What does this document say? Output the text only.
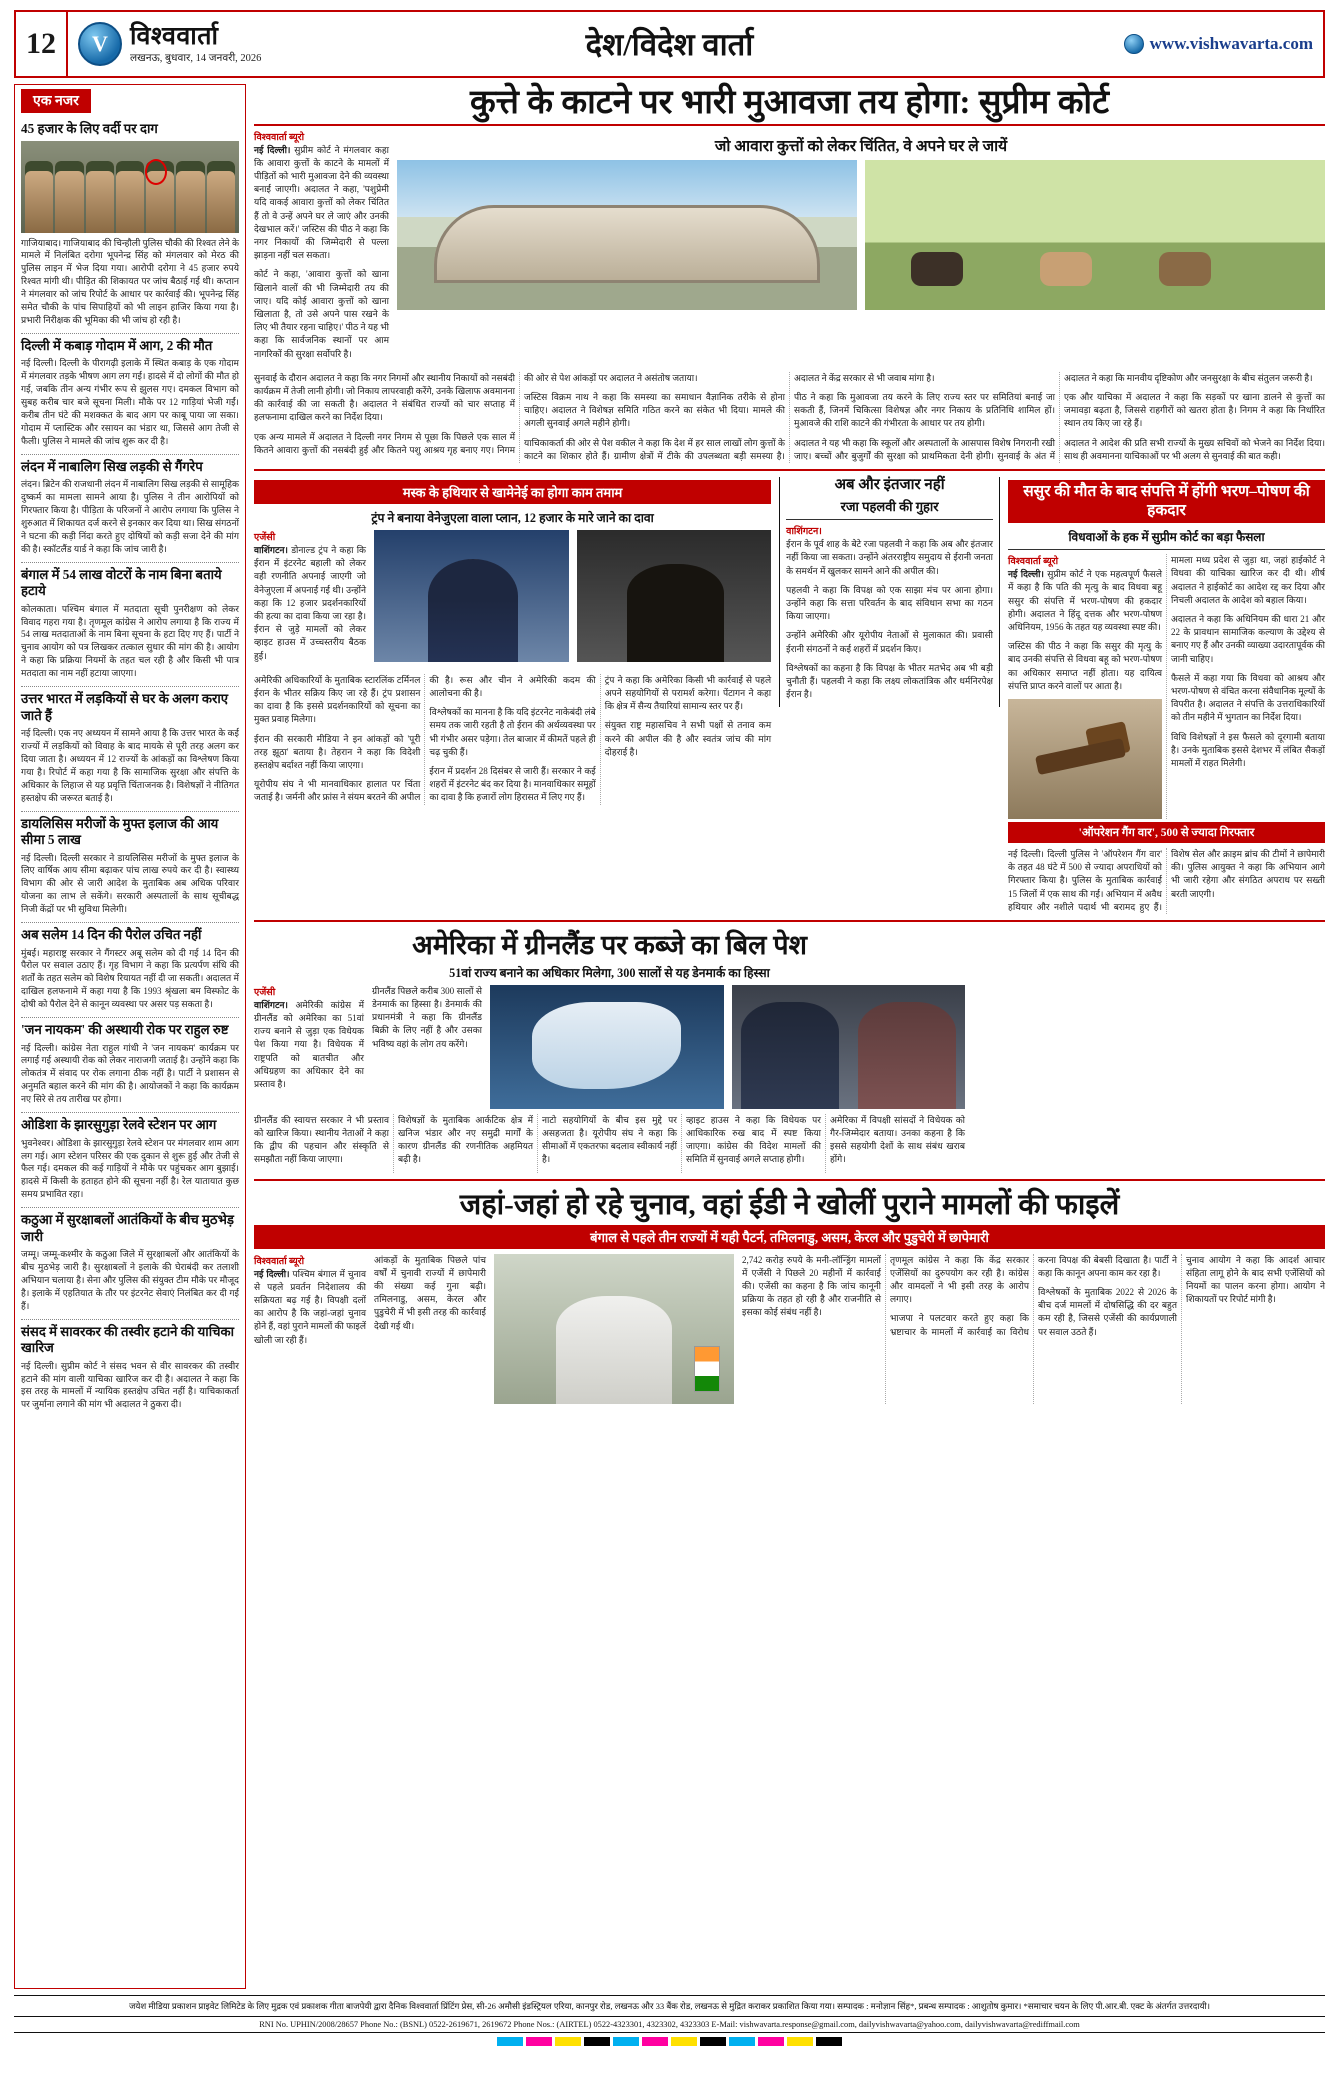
12	V विश्ववार्ता
लखनऊ, बुधवार, 14 जनवरी, 2026	देश/विदेश वार्ता	www.vishwavarta.com
एक नजर
45 हजार के लिए वर्दी पर दाग

गाजियाबाद। गाजियाबाद की चिन्हौली पुलिस चौकी की रिश्वत लेने के मामले में निलंबित दरोगा भूपनेन्द्र सिंह को मंगलवार को मेरठ की पुलिस लाइन में भेज दिया गया। आरोपी दरोगा ने 45 हजार रुपये रिश्वत मांगी थी। पीड़ित की शिकायत पर जांच बैठाई गई थी। कप्तान ने मंगलवार को जांच रिपोर्ट के आधार पर कार्रवाई की। भूपनेन्द्र सिंह समेत चौकी के पांच सिपाहियों को भी लाइन हाजिर किया गया है। प्रभारी निरीक्षक की भूमिका की भी जांच हो रही है।

दिल्ली में कबाड़ गोदाम में आग, 2 की मौत

नई दिल्ली। दिल्ली के पीरागढ़ी इलाके में स्थित कबाड़ के एक गोदाम में मंगलवार तड़के भीषण आग लग गई। हादसे में दो लोगों की मौत हो गई, जबकि तीन अन्य गंभीर रूप से झुलस गए। दमकल विभाग को सुबह करीब चार बजे सूचना मिली। मौके पर 12 गाड़ियां भेजी गईं। करीब तीन घंटे की मशक्कत के बाद आग पर काबू पाया जा सका। गोदाम में प्लास्टिक और रसायन का भंडार था, जिससे आग तेजी से फैली। पुलिस ने मामले की जांच शुरू कर दी है।

लंदन में नाबालिग सिख लड़की से गैंगरेप

लंदन। ब्रिटेन की राजधानी लंदन में नाबालिग सिख लड़की से सामूहिक दुष्कर्म का मामला सामने आया है। पुलिस ने तीन आरोपियों को गिरफ्तार किया है। पीड़िता के परिजनों ने आरोप लगाया कि पुलिस ने शुरुआत में शिकायत दर्ज करने से इनकार कर दिया था। सिख संगठनों ने घटना की कड़ी निंदा करते हुए दोषियों को कड़ी सजा देने की मांग की है। स्कॉटलैंड यार्ड ने कहा कि जांच जारी है।

बंगाल में 54 लाख वोटरों के नाम बिना बताये हटाये

कोलकाता। पश्चिम बंगाल में मतदाता सूची पुनरीक्षण को लेकर विवाद गहरा गया है। तृणमूल कांग्रेस ने आरोप लगाया है कि राज्य में 54 लाख मतदाताओं के नाम बिना सूचना के हटा दिए गए हैं। पार्टी ने चुनाव आयोग को पत्र लिखकर तत्काल सुधार की मांग की है। आयोग ने कहा कि प्रक्रिया नियमों के तहत चल रही है और किसी भी पात्र मतदाता का नाम नहीं हटाया जाएगा।

उत्तर भारत में लड़कियों से घर के अलग कराए जाते हैं

नई दिल्ली। एक नए अध्ययन में सामने आया है कि उत्तर भारत के कई राज्यों में लड़कियों को विवाह के बाद मायके से पूरी तरह अलग कर दिया जाता है। अध्ययन में 12 राज्यों के आंकड़ों का विश्लेषण किया गया है। रिपोर्ट में कहा गया है कि सामाजिक सुरक्षा और संपत्ति के अधिकार के लिहाज से यह प्रवृत्ति चिंताजनक है। विशेषज्ञों ने नीतिगत हस्तक्षेप की जरूरत बताई है।

डायलिसिस मरीजों के मुफ्त इलाज की आय सीमा 5 लाख

नई दिल्ली। दिल्ली सरकार ने डायलिसिस मरीजों के मुफ्त इलाज के लिए वार्षिक आय सीमा बढ़ाकर पांच लाख रुपये कर दी है। स्वास्थ्य विभाग की ओर से जारी आदेश के मुताबिक अब अधिक परिवार योजना का लाभ ले सकेंगे। सरकारी अस्पतालों के साथ सूचीबद्ध निजी केंद्रों पर भी सुविधा मिलेगी।

अब सलेम 14 दिन की पैरोल उचित नहीं

मुंबई। महाराष्ट्र सरकार ने गैंगस्टर अबू सलेम को दी गई 14 दिन की पैरोल पर सवाल उठाए हैं। गृह विभाग ने कहा कि प्रत्यर्पण संधि की शर्तों के तहत सलेम को विशेष रियायत नहीं दी जा सकती। अदालत में दाखिल हलफनामे में कहा गया है कि 1993 श्रृंखला बम विस्फोट के दोषी को पैरोल देने से कानून व्यवस्था पर असर पड़ सकता है।

'जन नायकम' की अस्थायी रोक पर राहुल रुष्ट

नई दिल्ली। कांग्रेस नेता राहुल गांधी ने 'जन नायकम' कार्यक्रम पर लगाई गई अस्थायी रोक को लेकर नाराजगी जताई है। उन्होंने कहा कि लोकतंत्र में संवाद पर रोक लगाना ठीक नहीं है। पार्टी ने प्रशासन से अनुमति बहाल करने की मांग की है। आयोजकों ने कहा कि कार्यक्रम नए सिरे से तय तारीख पर होगा।

ओडिशा के झारसुगुड़ा रेलवे स्टेशन पर आग

भुवनेश्वर। ओडिशा के झारसुगुड़ा रेलवे स्टेशन पर मंगलवार शाम आग लग गई। आग स्टेशन परिसर की एक दुकान से शुरू हुई और तेजी से फैल गई। दमकल की कई गाड़ियों ने मौके पर पहुंचकर आग बुझाई। हादसे में किसी के हताहत होने की सूचना नहीं है। रेल यातायात कुछ समय प्रभावित रहा।

कठुआ में सुरक्षाबलों आतंकियों के बीच मुठभेड़ जारी

जम्मू। जम्मू-कश्मीर के कठुआ जिले में सुरक्षाबलों और आतंकियों के बीच मुठभेड़ जारी है। सुरक्षाबलों ने इलाके की घेराबंदी कर तलाशी अभियान चलाया है। सेना और पुलिस की संयुक्त टीम मौके पर मौजूद है। इलाके में एहतियात के तौर पर इंटरनेट सेवाएं निलंबित कर दी गई हैं।

संसद में सावरकर की तस्वीर हटाने की याचिका खारिज

नई दिल्ली। सुप्रीम कोर्ट ने संसद भवन से वीर सावरकर की तस्वीर हटाने की मांग वाली याचिका खारिज कर दी है। अदालत ने कहा कि इस तरह के मामलों में न्यायिक हस्तक्षेप उचित नहीं है। याचिकाकर्ता पर जुर्माना लगाने की मांग भी अदालत ने ठुकरा दी।

कुत्ते के काटने पर भारी मुआवजा तय होगा: सुप्रीम कोर्ट
विश्ववार्ता ब्यूरो

नई दिल्ली। सुप्रीम कोर्ट ने मंगलवार कहा कि आवारा कुत्तों के काटने के मामलों में पीड़ितों को भारी मुआवजा देने की व्यवस्था बनाई जाएगी। अदालत ने कहा, 'पशुप्रेमी यदि वाकई आवारा कुत्तों को लेकर चिंतित हैं तो वे उन्हें अपने घर ले जाएं और उनकी देखभाल करें।' जस्टिस की पीठ ने कहा कि नगर निकायों की जिम्मेदारी से पल्ला झाड़ना नहीं चल सकता।

कोर्ट ने कहा, 'आवारा कुत्तों को खाना खिलाने वालों की भी जिम्मेदारी तय की जाए। यदि कोई आवारा कुत्तों को खाना खिलाता है, तो उसे अपने पास रखने के लिए भी तैयार रहना चाहिए।' पीठ ने यह भी कहा कि सार्वजनिक स्थानों पर आम नागरिकों की सुरक्षा सर्वोपरि है।

जो आवारा कुत्तों को लेकर चिंतित, वे अपने घर ले जायें

सुनवाई के दौरान अदालत ने कहा कि नगर निगमों और स्थानीय निकायों को नसबंदी कार्यक्रम में तेजी लानी होगी। जो निकाय लापरवाही करेंगे, उनके खिलाफ अवमानना की कार्रवाई की जा सकती है। अदालत ने संबंधित राज्यों को चार सप्ताह में हलफनामा दाखिल करने का निर्देश दिया।

एक अन्य मामले में अदालत ने दिल्ली नगर निगम से पूछा कि पिछले एक साल में कितने आवारा कुत्तों की नसबंदी हुई और कितने पशु आश्रय गृह बनाए गए। निगम की ओर से पेश आंकड़ों पर अदालत ने असंतोष जताया।

जस्टिस विक्रम नाथ ने कहा कि समस्या का समाधान वैज्ञानिक तरीके से होना चाहिए। अदालत ने विशेषज्ञ समिति गठित करने का संकेत भी दिया। मामले की अगली सुनवाई अगले महीने होगी।

याचिकाकर्ता की ओर से पेश वकील ने कहा कि देश में हर साल लाखों लोग कुत्तों के काटने का शिकार होते हैं। ग्रामीण क्षेत्रों में टीके की उपलब्धता बड़ी समस्या है। अदालत ने केंद्र सरकार से भी जवाब मांगा है।

पीठ ने कहा कि मुआवजा तय करने के लिए राज्य स्तर पर समितियां बनाई जा सकती हैं, जिनमें चिकित्सा विशेषज्ञ और नगर निकाय के प्रतिनिधि शामिल हों। मुआवजे की राशि काटने की गंभीरता के आधार पर तय होगी।

अदालत ने यह भी कहा कि स्कूलों और अस्पतालों के आसपास विशेष निगरानी रखी जाए। बच्चों और बुजुर्गों की सुरक्षा को प्राथमिकता देनी होगी। सुनवाई के अंत में अदालत ने कहा कि मानवीय दृष्टिकोण और जनसुरक्षा के बीच संतुलन जरूरी है।

एक और याचिका में अदालत ने कहा कि सड़कों पर खाना डालने से कुत्तों का जमावड़ा बढ़ता है, जिससे राहगीरों को खतरा होता है। निगम ने कहा कि निर्धारित स्थान तय किए जा रहे हैं।

अदालत ने आदेश की प्रति सभी राज्यों के मुख्य सचिवों को भेजने का निर्देश दिया। साथ ही अवमानना याचिकाओं पर भी अलग से सुनवाई की बात कही।

मस्क के हथियार से खामेनेई का होगा काम तमाम
ट्रंप ने बनाया वेनेजुएला वाला प्लान, 12 हजार के मारे जाने का दावा
एजेंसी

वाशिंगटन। डोनाल्ड ट्रंप ने कहा कि ईरान में इंटरनेट बहाली को लेकर वही रणनीति अपनाई जाएगी जो वेनेजुएला में अपनाई गई थी। उन्होंने कहा कि 12 हजार प्रदर्शनकारियों की हत्या का दावा किया जा रहा है। ईरान से जुड़े मामलों को लेकर व्हाइट हाउस में उच्चस्तरीय बैठक हुई।

अमेरिकी अधिकारियों के मुताबिक स्टारलिंक टर्मिनल ईरान के भीतर सक्रिय किए जा रहे हैं। ट्रंप प्रशासन का दावा है कि इससे प्रदर्शनकारियों को सूचना का मुक्त प्रवाह मिलेगा।

ईरान की सरकारी मीडिया ने इन आंकड़ों को 'पूरी तरह झूठा' बताया है। तेहरान ने कहा कि विदेशी हस्तक्षेप बर्दाश्त नहीं किया जाएगा।

यूरोपीय संघ ने भी मानवाधिकार हालात पर चिंता जताई है। जर्मनी और फ्रांस ने संयम बरतने की अपील की है। रूस और चीन ने अमेरिकी कदम की आलोचना की है।

विश्लेषकों का मानना है कि यदि इंटरनेट नाकेबंदी लंबे समय तक जारी रहती है तो ईरान की अर्थव्यवस्था पर भी गंभीर असर पड़ेगा। तेल बाजार में कीमतें पहले ही चढ़ चुकी हैं।

ईरान में प्रदर्शन 28 दिसंबर से जारी हैं। सरकार ने कई शहरों में इंटरनेट बंद कर दिया है। मानवाधिकार समूहों का दावा है कि हजारों लोग हिरासत में लिए गए हैं।

ट्रंप ने कहा कि अमेरिका किसी भी कार्रवाई से पहले अपने सहयोगियों से परामर्श करेगा। पेंटागन ने कहा कि क्षेत्र में सैन्य तैयारियां सामान्य स्तर पर हैं।

संयुक्त राष्ट्र महासचिव ने सभी पक्षों से तनाव कम करने की अपील की है और स्वतंत्र जांच की मांग दोहराई है।

अब और इंतजार नहीं
रजा पहलवी की गुहार
वाशिंगटन।

ईरान के पूर्व शाह के बेटे रजा पहलवी ने कहा कि अब और इंतजार नहीं किया जा सकता। उन्होंने अंतरराष्ट्रीय समुदाय से ईरानी जनता के समर्थन में खुलकर सामने आने की अपील की।

पहलवी ने कहा कि विपक्ष को एक साझा मंच पर आना होगा। उन्होंने कहा कि सत्ता परिवर्तन के बाद संविधान सभा का गठन किया जाएगा।

उन्होंने अमेरिकी और यूरोपीय नेताओं से मुलाकात की। प्रवासी ईरानी संगठनों ने कई शहरों में प्रदर्शन किए।

विश्लेषकों का कहना है कि विपक्ष के भीतर मतभेद अब भी बड़ी चुनौती हैं। पहलवी ने कहा कि लक्ष्य लोकतांत्रिक और धर्मनिरपेक्ष ईरान है।

ससुर की मौत के बाद संपत्ति में होंगी भरण–पोषण की हकदार
विधवाओं के हक में सुप्रीम कोर्ट का बड़ा फैसला
विश्ववार्ता ब्यूरो

नई दिल्ली। सुप्रीम कोर्ट ने एक महत्वपूर्ण फैसले में कहा है कि पति की मृत्यु के बाद विधवा बहू ससुर की संपत्ति में भरण-पोषण की हकदार होगी। अदालत ने हिंदू दत्तक और भरण-पोषण अधिनियम, 1956 के तहत यह व्यवस्था स्पष्ट की।

जस्टिस की पीठ ने कहा कि ससुर की मृत्यु के बाद उनकी संपत्ति से विधवा बहू को भरण-पोषण का अधिकार समाप्त नहीं होता। यह दायित्व संपत्ति प्राप्त करने वालों पर आता है।

मामला मध्य प्रदेश से जुड़ा था, जहां हाईकोर्ट ने विधवा की याचिका खारिज कर दी थी। शीर्ष अदालत ने हाईकोर्ट का आदेश रद्द कर दिया और निचली अदालत के आदेश को बहाल किया।

अदालत ने कहा कि अधिनियम की धारा 21 और 22 के प्रावधान सामाजिक कल्याण के उद्देश्य से बनाए गए हैं और उनकी व्याख्या उदारतापूर्वक की जानी चाहिए।

फैसले में कहा गया कि विधवा को आश्रय और भरण-पोषण से वंचित करना संवैधानिक मूल्यों के विपरीत है। अदालत ने संपत्ति के उत्तराधिकारियों को तीन महीने में भुगतान का निर्देश दिया।

विधि विशेषज्ञों ने इस फैसले को दूरगामी बताया है। उनके मुताबिक इससे देशभर में लंबित सैकड़ों मामलों में राहत मिलेगी।

'ऑपरेशन गैंग वार', 500 से ज्यादा गिरफ्तार

नई दिल्ली। दिल्ली पुलिस ने 'ऑपरेशन गैंग वार' के तहत 48 घंटे में 500 से ज्यादा अपराधियों को गिरफ्तार किया है। पुलिस के मुताबिक कार्रवाई 15 जिलों में एक साथ की गई। अभियान में अवैध हथियार और नशीले पदार्थ भी बरामद हुए हैं। विशेष सेल और क्राइम ब्रांच की टीमों ने छापेमारी की। पुलिस आयुक्त ने कहा कि अभियान आगे भी जारी रहेगा और संगठित अपराध पर सख्ती बरती जाएगी।

अमेरिका में ग्रीनलैंड पर कब्जे का बिल पेश
51वां राज्य बनाने का अधिकार मिलेगा, 300 सालों से यह डेनमार्क का हिस्सा
एजेंसी

वाशिंगटन। अमेरिकी कांग्रेस में ग्रीनलैंड को अमेरिका का 51वां राज्य बनाने से जुड़ा एक विधेयक पेश किया गया है। विधेयक में राष्ट्रपति को बातचीत और अधिग्रहण का अधिकार देने का प्रस्ताव है।

ग्रीनलैंड पिछले करीब 300 सालों से डेनमार्क का हिस्सा है। डेनमार्क की प्रधानमंत्री ने कहा कि ग्रीनलैंड बिक्री के लिए नहीं है और उसका भविष्य वहां के लोग तय करेंगे।

ग्रीनलैंड की स्वायत्त सरकार ने भी प्रस्ताव को खारिज किया। स्थानीय नेताओं ने कहा कि द्वीप की पहचान और संस्कृति से समझौता नहीं किया जाएगा।

विशेषज्ञों के मुताबिक आर्कटिक क्षेत्र में खनिज भंडार और नए समुद्री मार्गों के कारण ग्रीनलैंड की रणनीतिक अहमियत बढ़ी है।

नाटो सहयोगियों के बीच इस मुद्दे पर असहजता है। यूरोपीय संघ ने कहा कि सीमाओं में एकतरफा बदलाव स्वीकार्य नहीं है।

व्हाइट हाउस ने कहा कि विधेयक पर आधिकारिक रुख बाद में स्पष्ट किया जाएगा। कांग्रेस की विदेश मामलों की समिति में सुनवाई अगले सप्ताह होगी।

अमेरिका में विपक्षी सांसदों ने विधेयक को गैर-जिम्मेदार बताया। उनका कहना है कि इससे सहयोगी देशों के साथ संबंध खराब होंगे।

जहां-जहां हो रहे चुनाव, वहां ईडी ने खोलीं पुराने मामलों की फाइलें
बंगाल से पहले तीन राज्यों में यही पैटर्न, तमिलनाडु, असम, केरल और पुडुचेरी में छापेमारी
विश्ववार्ता ब्यूरो

नई दिल्ली। पश्चिम बंगाल में चुनाव से पहले प्रवर्तन निदेशालय की सक्रियता बढ़ गई है। विपक्षी दलों का आरोप है कि जहां-जहां चुनाव होने हैं, वहां पुराने मामलों की फाइलें खोली जा रही हैं।

आंकड़ों के मुताबिक पिछले पांच वर्षों में चुनावी राज्यों में छापेमारी की संख्या कई गुना बढ़ी। तमिलनाडु, असम, केरल और पुडुचेरी में भी इसी तरह की कार्रवाई देखी गई थी।

2,742 करोड़ रुपये के मनी-लॉन्ड्रिंग मामलों में एजेंसी ने पिछले 20 महीनों में कार्रवाई की। एजेंसी का कहना है कि जांच कानूनी प्रक्रिया के तहत हो रही है और राजनीति से इसका कोई संबंध नहीं है।

तृणमूल कांग्रेस ने कहा कि केंद्र सरकार एजेंसियों का दुरुपयोग कर रही है। कांग्रेस और वामदलों ने भी इसी तरह के आरोप लगाए।

भाजपा ने पलटवार करते हुए कहा कि भ्रष्टाचार के मामलों में कार्रवाई का विरोध करना विपक्ष की बेबसी दिखाता है। पार्टी ने कहा कि कानून अपना काम कर रहा है।

विश्लेषकों के मुताबिक 2022 से 2026 के बीच दर्ज मामलों में दोषसिद्धि की दर बहुत कम रही है, जिससे एजेंसी की कार्यप्रणाली पर सवाल उठते हैं।

चुनाव आयोग ने कहा कि आदर्श आचार संहिता लागू होने के बाद सभी एजेंसियों को नियमों का पालन करना होगा। आयोग ने शिकायतों पर रिपोर्ट मांगी है।

जयेश मीडिया प्रकाशन प्राइवेट लिमिटेड के लिए मुद्रक एवं प्रकाशक गीता बाजपेयी द्वारा दैनिक विश्ववार्ता प्रिंटिंग प्रेस, सी-26 अमौसी इंडस्ट्रियल एरिया, कानपुर रोड, लखनऊ और 33 बैंक रोड, लखनऊ से मुद्रित कराकर प्रकाशित किया गया। सम्पादक : मनोज्ञान सिंह*, प्रबन्ध सम्पादक : आशुतोष कुमार। *समाचार चयन के लिए पी.आर.बी. एक्ट के अंतर्गत उत्तरदायी।
RNI No. UPHIN/2008/28657 Phone No.: (BSNL) 0522-2619671, 2619672 Phone Nos.: (AIRTEL) 0522-4323301, 4323302, 4323303 E-Mail: vishwavarta.response@gmail.com, dailyvishwavarta@yahoo.com, dailyvishwavarta@rediffmail.com
